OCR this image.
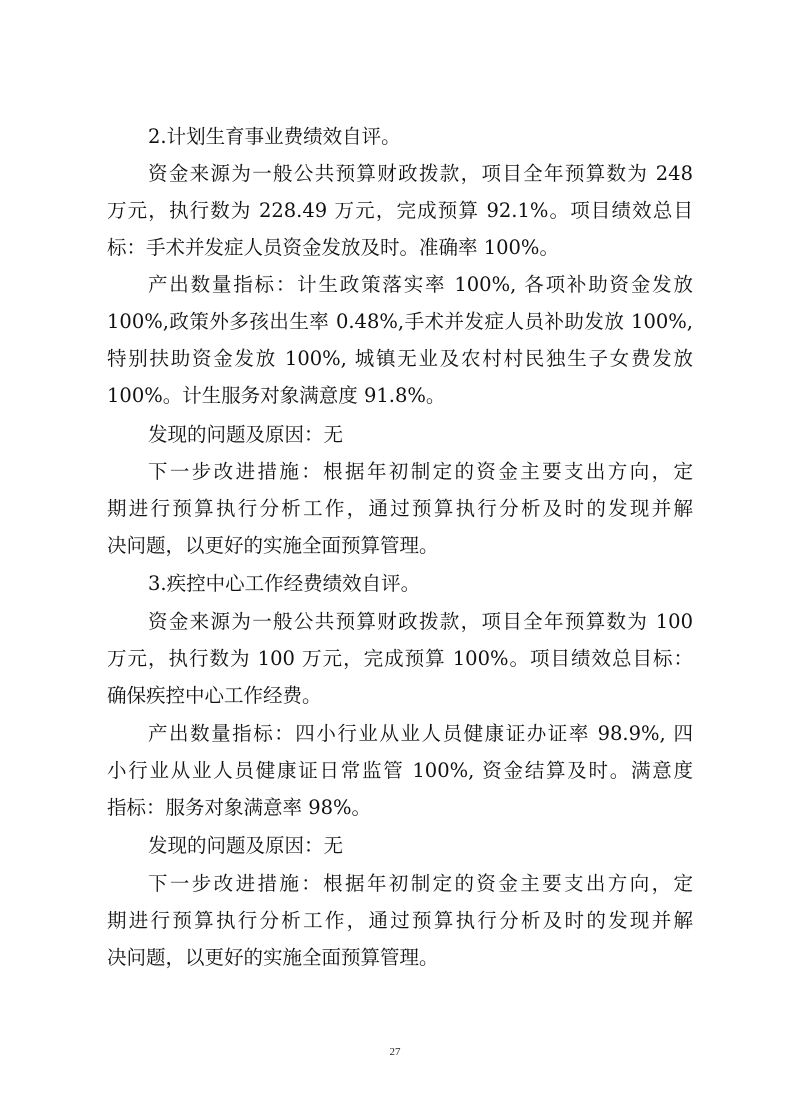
2.计划生育事业费绩效自评。
资金来源为一般公共预算财政拨款，项目全年预算数为 248
万元，执行数为 228.49 万元，完成预算 92.1%。项目绩效总目
标：手术并发症人员资金发放及时。准确率 100%。
产出数量指标：计生政策落实率 100%, 各项补助资金发放
100%,政策外多孩出生率 0.48%,手术并发症人员补助发放 100%,
特别扶助资金发放 100%, 城镇无业及农村村民独生子女费发放
100%。计生服务对象满意度 91.8%。
发现的问题及原因：无
下一步改进措施：根据年初制定的资金主要支出方向，定
期进行预算执行分析工作，通过预算执行分析及时的发现并解
决问题，以更好的实施全面预算管理。
3.疾控中心工作经费绩效自评。
资金来源为一般公共预算财政拨款，项目全年预算数为 100
万元，执行数为 100 万元，完成预算 100%。项目绩效总目标：
确保疾控中心工作经费。
产出数量指标：四小行业从业人员健康证办证率 98.9%, 四
小行业从业人员健康证日常监管 100%, 资金结算及时。满意度
指标：服务对象满意率 98%。
发现的问题及原因：无
下一步改进措施：根据年初制定的资金主要支出方向，定
期进行预算执行分析工作，通过预算执行分析及时的发现并解
决问题，以更好的实施全面预算管理。
27
